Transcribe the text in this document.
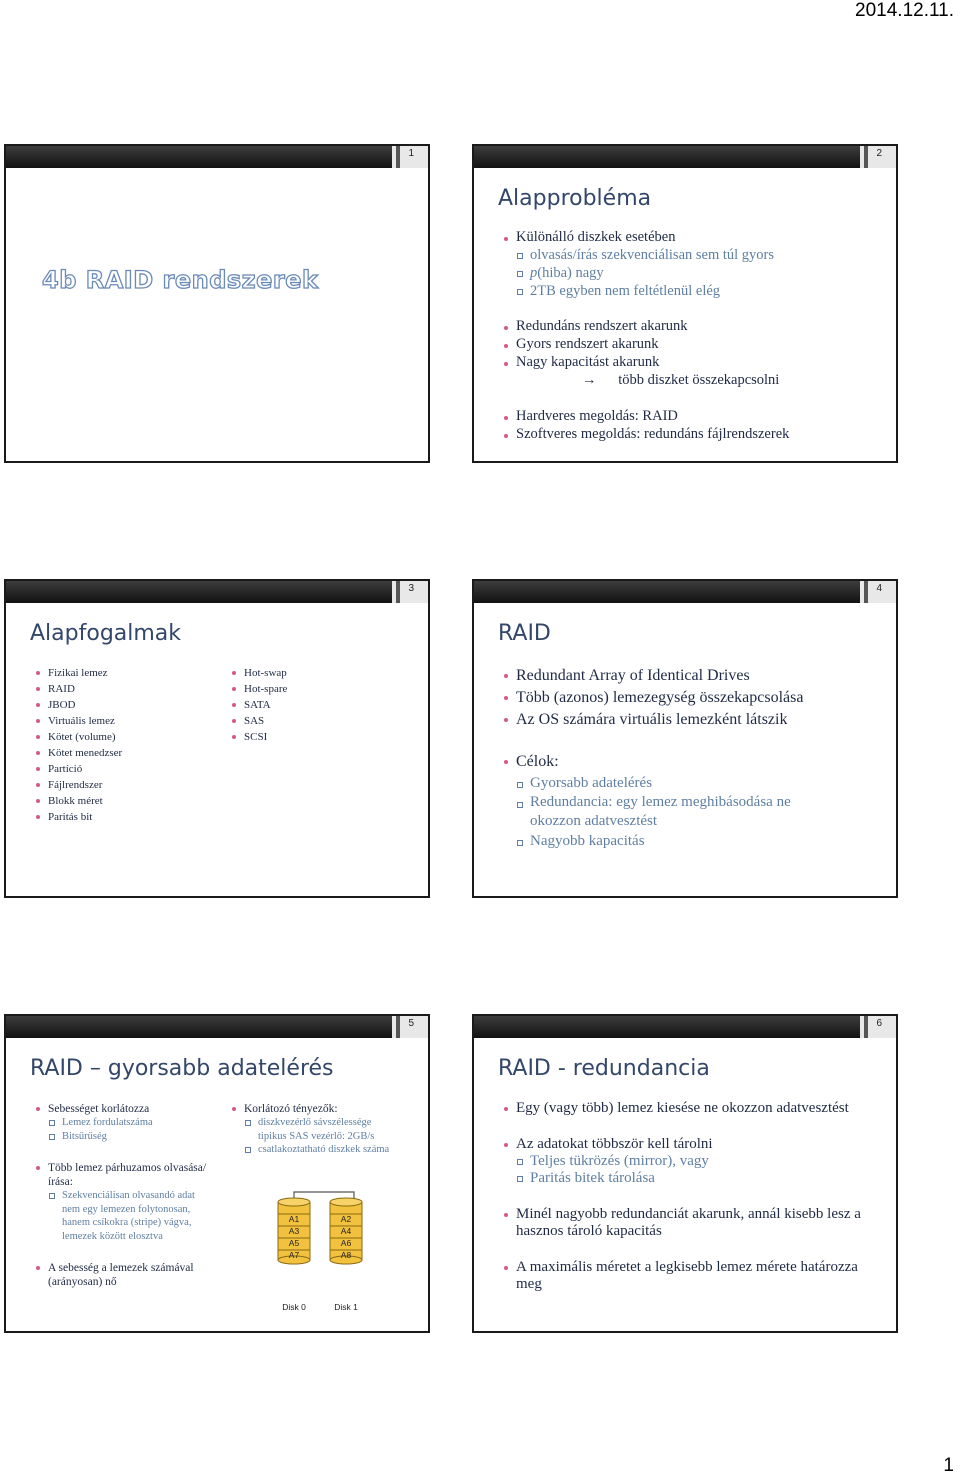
2014.12.11.
1
4b RAID rendszerek
2
Alapprobléma
Különálló diszkek esetében
olvasás/írás szekvenciálisan sem túl gyors
p(hiba) nagy
2TB egyben nem feltétlenül elég
Redundáns rendszert akarunk
Gyors rendszert akarunk
Nagy kapacitást akarunk
→ több diszket összekapcsolni
Hardveres megoldás: RAID
Szoftveres megoldás: redundáns fájlrendszerek
3
Alapfogalmak
Fizikai lemez
RAID
JBOD
Virtuális lemez
Kötet (volume)
Kötet menedzser
Partíció
Fájlrendszer
Blokk méret
Paritás bit
Hot-swap
Hot-spare
SATA
SAS
SCSI
4
RAID
Redundant Array of Identical Drives
Több (azonos) lemezegység összekapcsolása
Az OS számára virtuális lemezként látszik
Célok:
Gyorsabb adatelérés
Redundancia: egy lemez meghibásodása ne okozzon adatvesztést
Nagyobb kapacitás
5
RAID – gyorsabb adatelérés
Sebességet korlátozza
Lemez fordulatszáma
Bitsűrűség
Több lemez párhuzamos olvasása/írása:
Szekvenciálisan olvasandó adat nem egy lemezen folytonosan, hanem csíkokra (stripe) vágva, lemezek között elosztva
A sebesség a lemezek számával (arányosan) nő
Korlátozó tényezők:
diszkvezérlő sávszélessége tipikus SAS vezérlő: 2GB/s
csatlakoztatható diszkek száma
A1
A3
A5
A7
A2
A4
A6
A8
Disk 0	Disk 1
6
RAID - redundancia
Egy (vagy több) lemez kiesése ne okozzon adatvesztést
Az adatokat többször kell tárolni
Teljes tükrözés (mirror), vagy
Paritás bitek tárolása
Minél nagyobb redundanciát akarunk, annál kisebb lesz a hasznos tároló kapacitás
A maximális méretet a legkisebb lemez mérete határozza meg
1
